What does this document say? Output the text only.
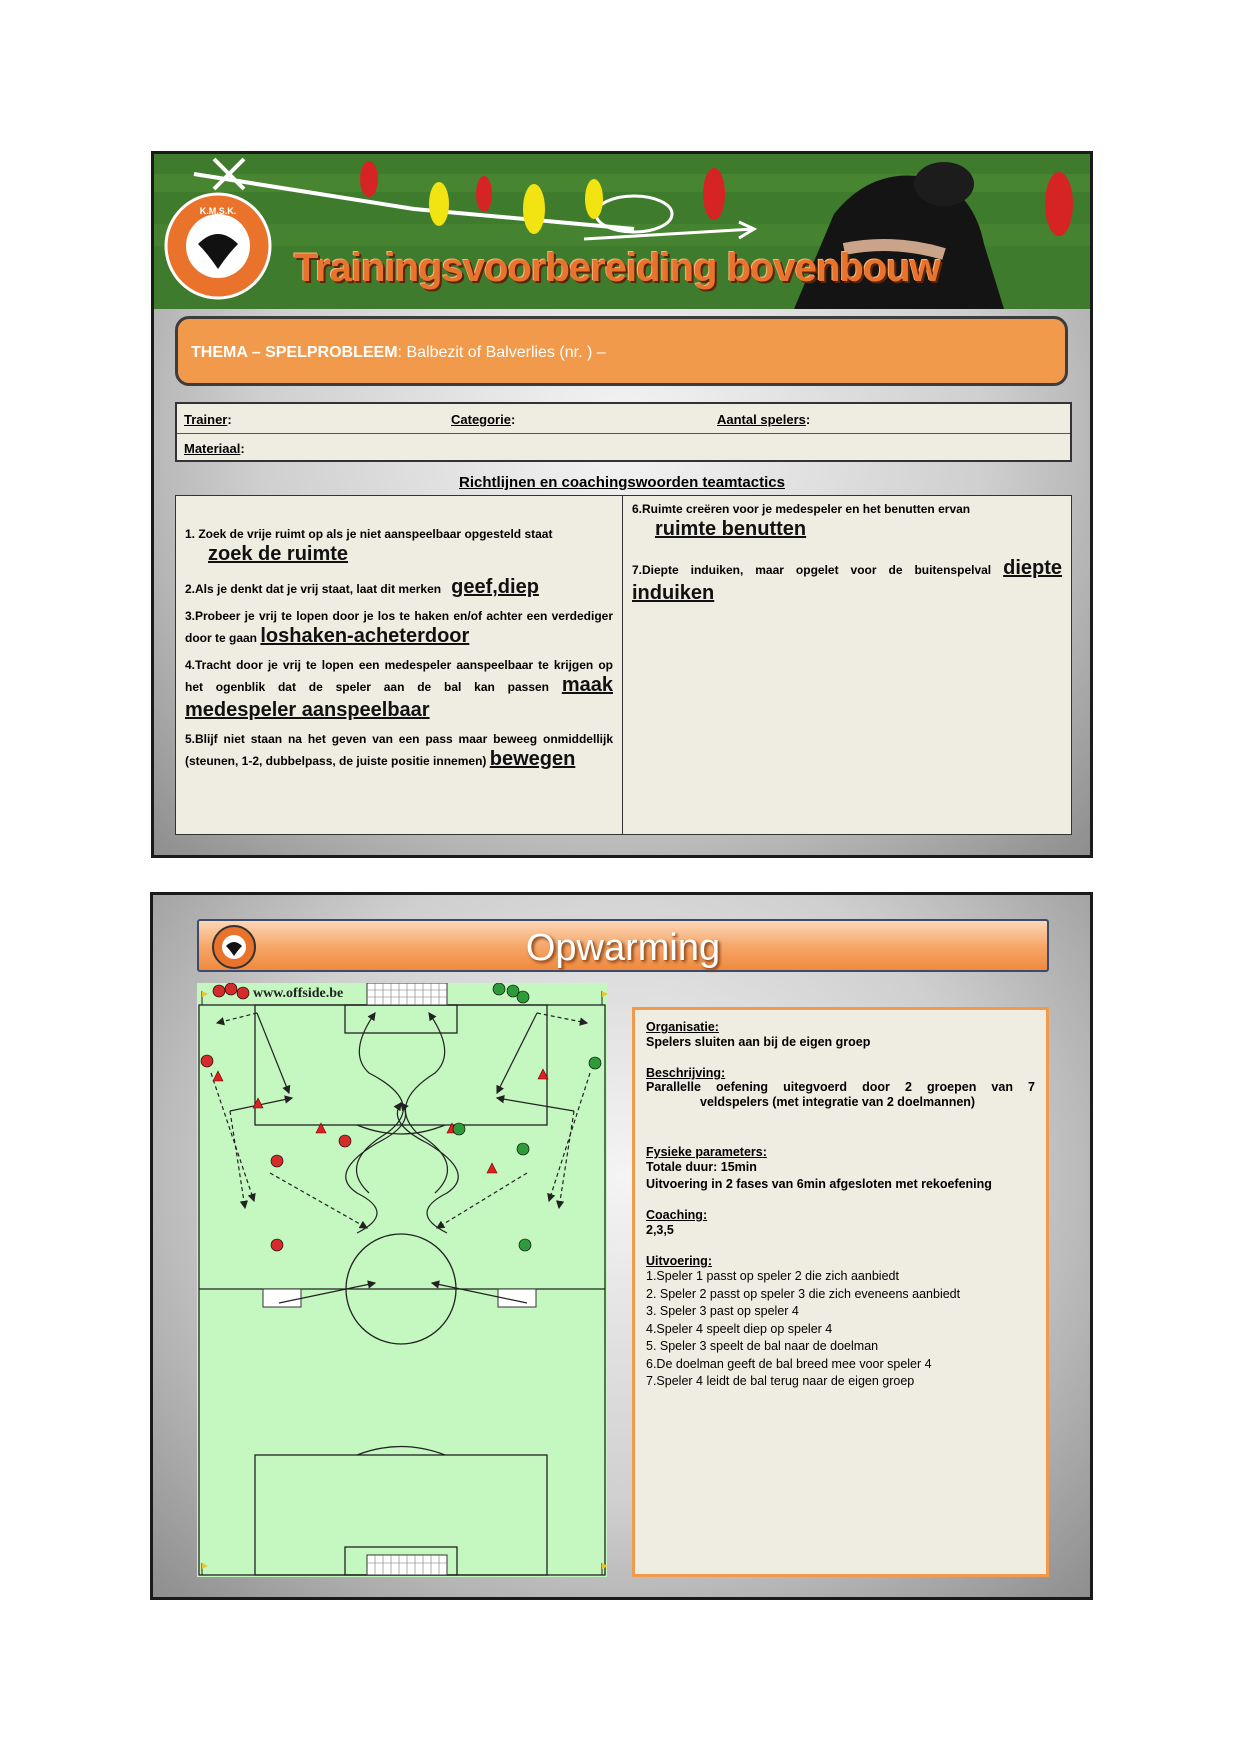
K.M.S.K.
Trainingsvoorbereiding bovenbouw
THEMA – SPELPROBLEEM: Balbezit of Balverlies (nr. ) –
Trainer:	Categorie:	Aantal spelers:
Materiaal:
Richtlijnen en coachingswoorden teamtactics
1. Zoek de vrije ruimt op als je niet aanspeelbaar opgesteld staat
zoek de ruimte
2.Als je denkt dat je vrij staat, laat dit merken geef,diep
3.Probeer je vrij te lopen door je los te haken en/of achter een verdediger door te gaan loshaken-acheterdoor
4.Tracht door je vrij te lopen een medespeler aanspeelbaar te krijgen op het ogenblik dat de speler aan de bal kan passen maak medespeler aanspeelbaar
5.Blijf niet staan na het geven van een pass maar beweeg onmiddellijk (steunen, 1-2, dubbelpass, de juiste positie innemen) bewegen
6.Ruimte creëren voor je medespeler en het benutten ervan
ruimte benutten
7.Diepte induiken, maar opgelet voor de buitenspelval diepte induiken
Opwarming
www.offside.be
Organisatie:
Spelers sluiten aan bij de eigen groep
Beschrijving:
Parallelle oefening uitegvoerd door 2 groepen van 7
veldspelers (met integratie van 2 doelmannen)
Fysieke parameters:
Totale duur: 15min
Uitvoering in 2 fases van 6min afgesloten met rekoefening
Coaching:
2,3,5
Uitvoering:
1.Speler 1 passt op speler 2 die zich aanbiedt
2. Speler 2 passt op speler 3 die zich eveneens aanbiedt
3. Speler 3 past op speler 4
4.Speler 4 speelt diep op speler 4
5. Speler 3 speelt de bal naar de doelman
6.De doelman geeft de bal breed mee voor speler 4
7.Speler 4 leidt de bal terug naar de eigen groep
